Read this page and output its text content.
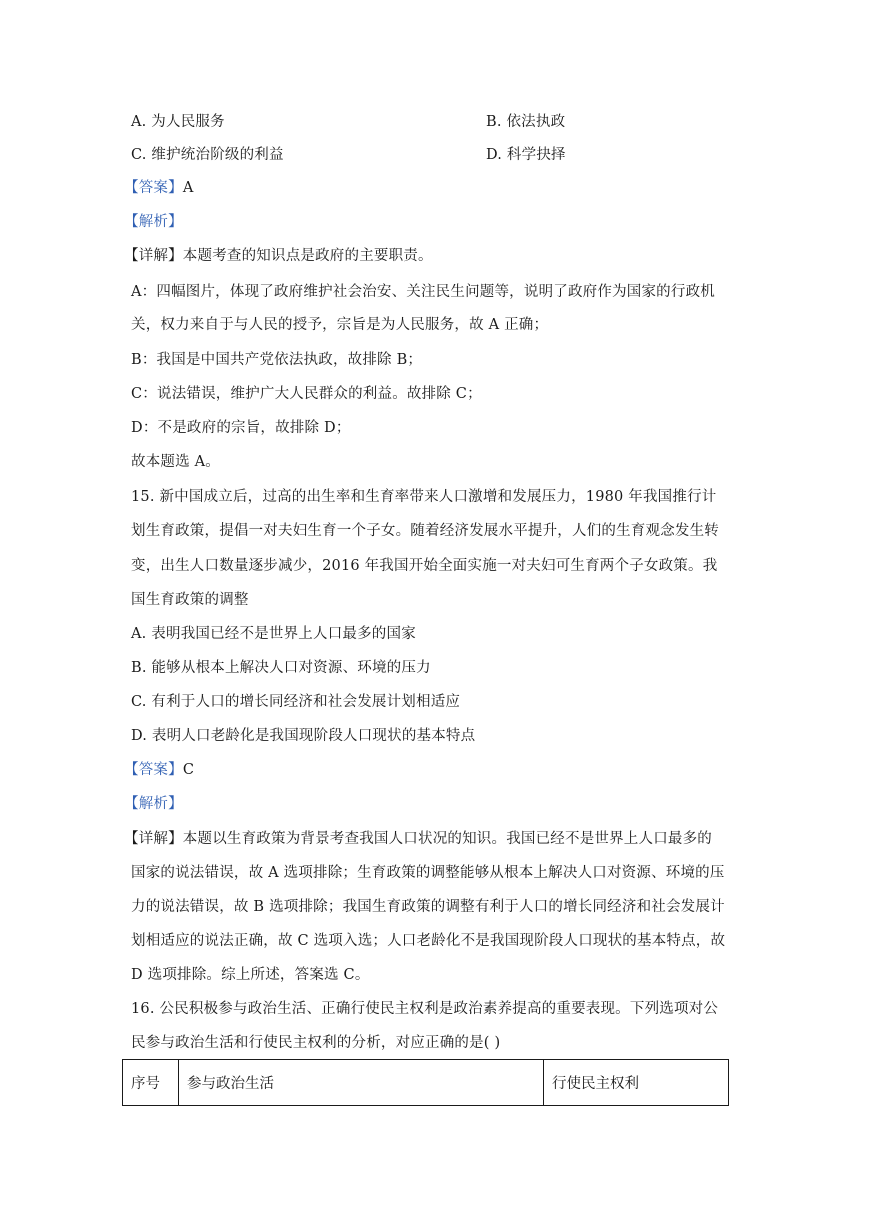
A. 为人民服务	B. 依法执政
C. 维护统治阶级的利益	D. 科学抉择
【答案】A
【解析】
【详解】本题考查的知识点是政府的主要职责。
A：四幅图片，体现了政府维护社会治安、关注民生问题等，说明了政府作为国家的行政机
关，权力来自于与人民的授予，宗旨是为人民服务，故 A 正确；
B：我国是中国共产党依法执政，故排除 B；
C：说法错误，维护广大人民群众的利益。故排除 C；
D：不是政府的宗旨，故排除 D；
故本题选 A。
15. 新中国成立后，过高的出生率和生育率带来人口激增和发展压力，1980 年我国推行计
划生育政策，提倡一对夫妇生育一个子女。随着经济发展水平提升，人们的生育观念发生转
变，出生人口数量逐步减少，2016 年我国开始全面实施一对夫妇可生育两个子女政策。我
国生育政策的调整
A. 表明我国已经不是世界上人口最多的国家
B. 能够从根本上解决人口对资源、环境的压力
C. 有利于人口的增长同经济和社会发展计划相适应
D. 表明人口老龄化是我国现阶段人口现状的基本特点
【答案】C
【解析】
【详解】本题以生育政策为背景考查我国人口状况的知识。我国已经不是世界上人口最多的
国家的说法错误，故 A 选项排除；生育政策的调整能够从根本上解决人口对资源、环境的压
力的说法错误，故 B 选项排除；我国生育政策的调整有利于人口的增长同经济和社会发展计
划相适应的说法正确，故 C 选项入选；人口老龄化不是我国现阶段人口现状的基本特点，故
D 选项排除。综上所述，答案选 C。
16. 公民积极参与政治生活、正确行使民主权利是政治素养提高的重要表现。下列选项对公
民参与政治生活和行使民主权利的分析，对应正确的是( )
序号	参与政治生活	行使民主权利
